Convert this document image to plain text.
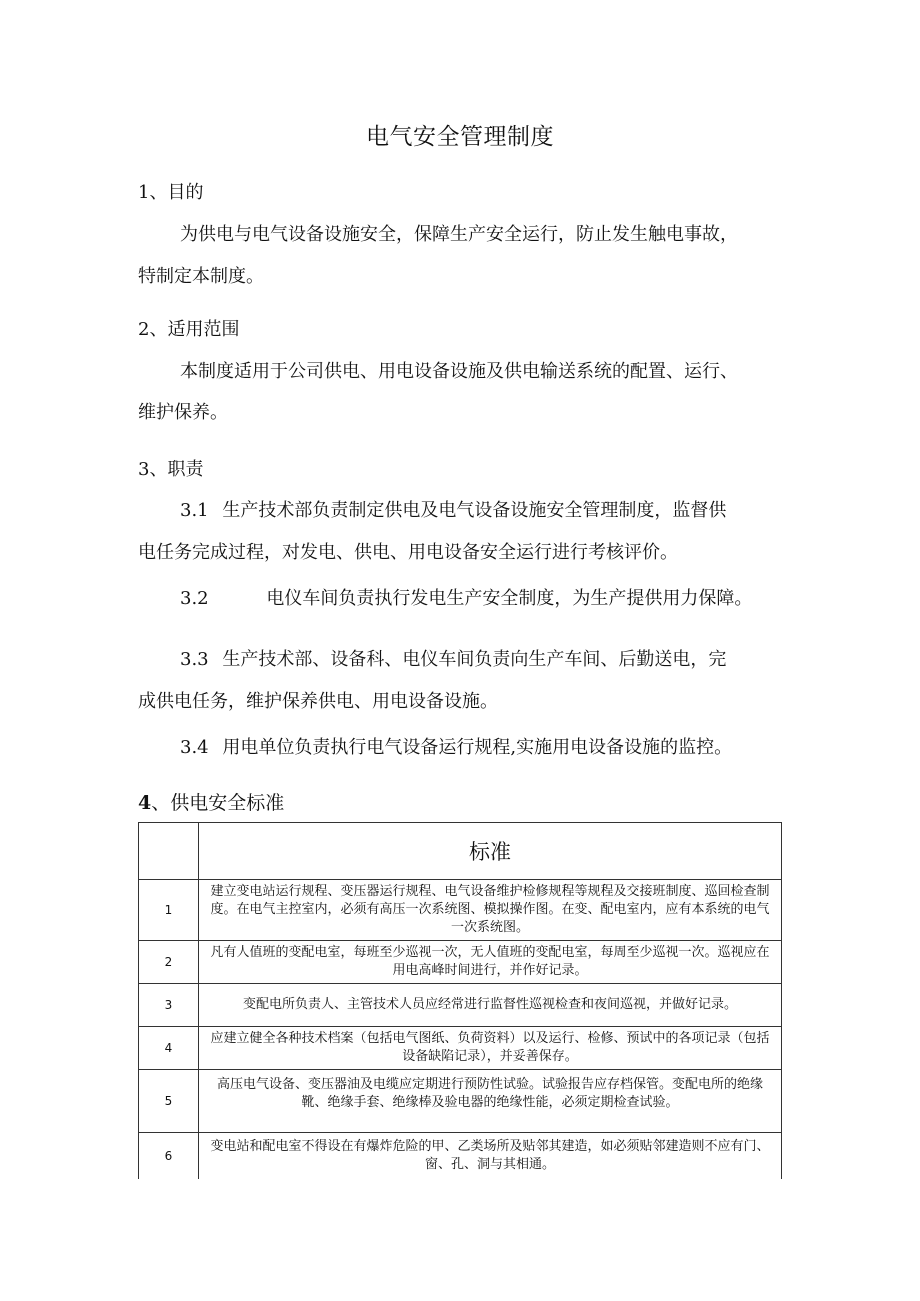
电气安全管理制度
1、目的
为供电与电气设备设施安全，保障生产安全运行，防止发生触电事故，
特制定本制度。
2、适用范围
本制度适用于公司供电、用电设备设施及供电输送系统的配置、运行、
维护保养。
3、职责
3.1 生产技术部负责制定供电及电气设备设施安全管理制度，监督供
电任务完成过程，对发电、供电、用电设备安全运行进行考核评价。
3.2	电仪车间负责执行发电生产安全制度，为生产提供用力保障。
3.3 生产技术部、设备科、电仪车间负责向生产车间、后勤送电，完
成供电任务，维护保养供电、用电设备设施。
3.4 用电单位负责执行电气设备运行规程,实施用电设备设施的监控。
4、供电安全标准
	标准
1	建立变电站运行规程、变压器运行规程、电气设备维护检修规程等规程及交接班制度、巡回检查制度。在电气主控室内，必须有高压一次系统图、模拟操作图。在变、配电室内，应有本系统的电气一次系统图。
2	凡有人值班的变配电室，每班至少巡视一次，无人值班的变配电室，每周至少巡视一次。巡视应在用电高峰时间进行，并作好记录。
3	变配电所负责人、主管技术人员应经常进行监督性巡视检查和夜间巡视，并做好记录。
4	应建立健全各种技术档案（包括电气图纸、负荷资料）以及运行、检修、预试中的各项记录（包括设备缺陷记录），并妥善保存。
5	高压电气设备、变压器油及电缆应定期进行预防性试验。试验报告应存档保管。变配电所的绝缘靴、绝缘手套、绝缘棒及验电器的绝缘性能，必须定期检查试验。
6	变电站和配电室不得设在有爆炸危险的甲、乙类场所及贴邻其建造，如必须贴邻建造则不应有门、窗、孔、洞与其相通。
